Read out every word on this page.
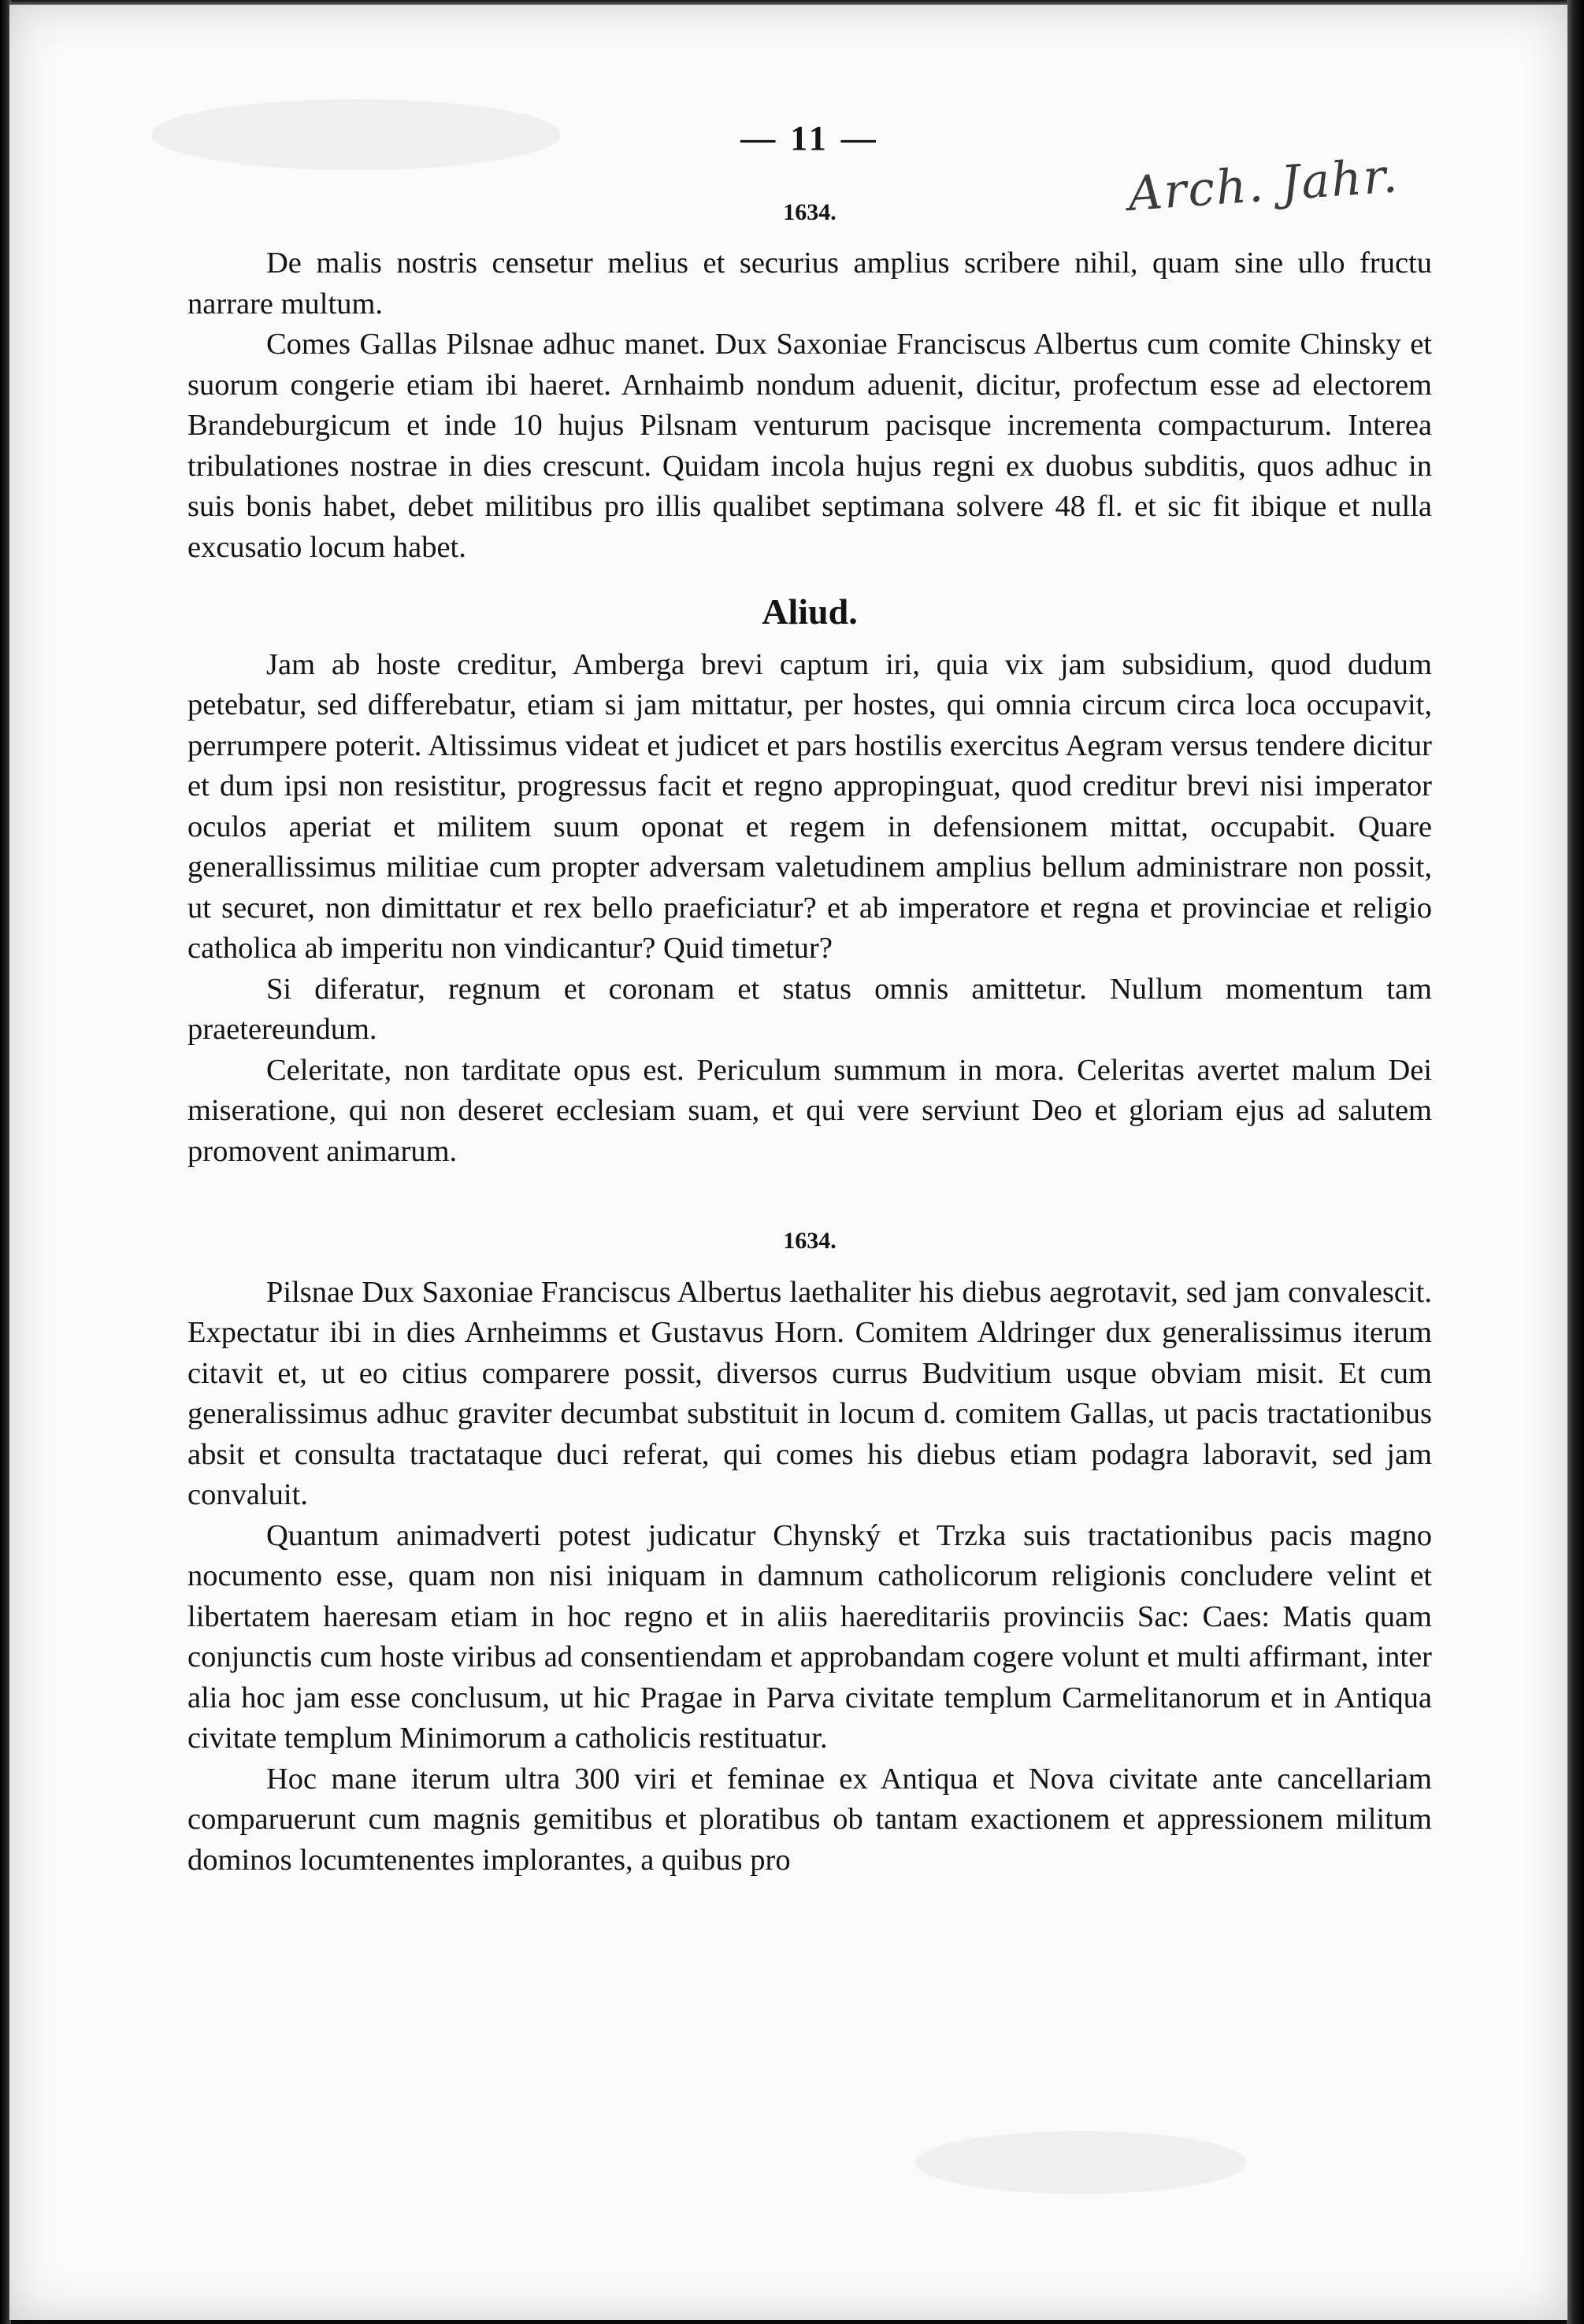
Arch. Jahr.
— 11 —
1634.

De malis nostris censetur melius et securius amplius scribere nihil, quam sine ullo fructu narrare multum.

Comes Gallas Pilsnae adhuc manet. Dux Saxoniae Franciscus Albertus cum comite Chinsky et suorum congerie etiam ibi haeret. Arnhaimb nondum aduenit, dicitur, profectum esse ad electorem Brandeburgicum et inde 10 hujus Pilsnam venturum pacisque incrementa compacturum. Interea tribulationes nostrae in dies crescunt. Quidam incola hujus regni ex duobus subditis, quos adhuc in suis bonis habet, debet militibus pro illis qualibet septimana solvere 48 fl. et sic fit ibique et nulla excusatio locum habet.

Aliud.

Jam ab hoste creditur, Amberga brevi captum iri, quia vix jam subsidium, quod dudum petebatur, sed differebatur, etiam si jam mittatur, per hostes, qui omnia circum circa loca occupavit, perrumpere poterit. Altissimus videat et judicet et pars hostilis exercitus Aegram versus tendere dicitur et dum ipsi non resistitur, progressus facit et regno appropinguat, quod creditur brevi nisi imperator oculos aperiat et militem suum oponat et regem in defensionem mittat, occupabit. Quare generallissimus militiae cum propter adversam valetudinem amplius bellum administrare non possit, ut securet, non dimittatur et rex bello praeficiatur? et ab imperatore et regna et provinciae et religio catholica ab imperitu non vindicantur? Quid timetur?

Si diferatur, regnum et coronam et status omnis amittetur. Nullum momentum tam praetereundum.

Celeritate, non tarditate opus est. Periculum summum in mora. Celeritas avertet malum Dei miseratione, qui non deseret ecclesiam suam, et qui vere serviunt Deo et gloriam ejus ad salutem promovent animarum.

1634.

Pilsnae Dux Saxoniae Franciscus Albertus laethaliter his diebus aegrotavit, sed jam convalescit. Expectatur ibi in dies Arnheimms et Gustavus Horn. Comitem Aldringer dux generalissimus iterum citavit et, ut eo citius comparere possit, diversos currus Budvitium usque obviam misit. Et cum generalissimus adhuc graviter decumbat substituit in locum d. comitem Gallas, ut pacis tractationibus absit et consulta tractataque duci referat, qui comes his diebus etiam podagra laboravit, sed jam convaluit.

Quantum animadverti potest judicatur Chynský et Trzka suis tractationibus pacis magno nocumento esse, quam non nisi iniquam in damnum catholicorum religionis concludere velint et libertatem haeresam etiam in hoc regno et in aliis haereditariis provinciis Sac: Caes: Matis quam conjunctis cum hoste viribus ad consentiendam et approbandam cogere volunt et multi affirmant, inter alia hoc jam esse conclusum, ut hic Pragae in Parva civitate templum Carmelitanorum et in Antiqua civitate templum Minimorum a catholicis restituatur.

Hoc mane iterum ultra 300 viri et feminae ex Antiqua et Nova civitate ante cancellariam comparuerunt cum magnis gemitibus et ploratibus ob tantam exactionem et appressionem militum dominos locumtenentes implorantes, a quibus pro
